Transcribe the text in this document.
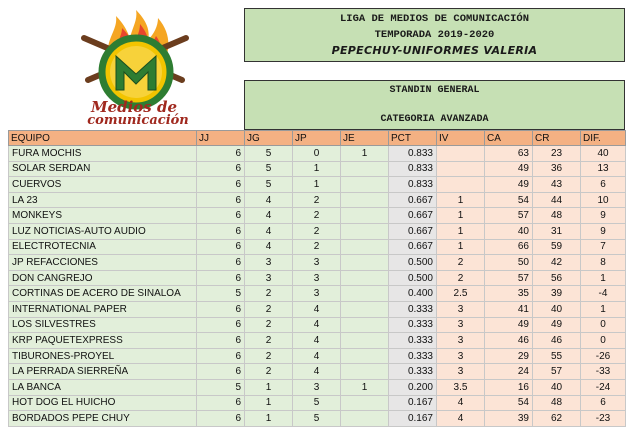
Medios de
comunicación
LIGA DE MEDIOS DE COMUNICACIÓN
TEMPORADA 2019-2020
PEPECHUY-UNIFORMES VALERIA
STANDIN GENERAL
CATEGORIA AVANZADA
EQUIPO	JJ	JG	JP	JE	PCT	IV	CA	CR	DIF.
FURA MOCHIS	6	5	0	1	0.833		63	23	40
SOLAR SERDAN	6	5	1		0.833		49	36	13
CUERVOS	6	5	1		0.833		49	43	6
LA 23	6	4	2		0.667	1	54	44	10
MONKEYS	6	4	2		0.667	1	57	48	9
LUZ NOTICIAS-AUTO AUDIO	6	4	2		0.667	1	40	31	9
ELECTROTECNIA	6	4	2		0.667	1	66	59	7
JP REFACCIONES	6	3	3		0.500	2	50	42	8
DON CANGREJO	6	3	3		0.500	2	57	56	1
CORTINAS DE ACERO DE SINALOA	5	2	3		0.400	2.5	35	39	-4
INTERNATIONAL PAPER	6	2	4		0.333	3	41	40	1
LOS SILVESTRES	6	2	4		0.333	3	49	49	0
KRP PAQUETEXPRESS	6	2	4		0.333	3	46	46	0
TIBURONES-PROYEL	6	2	4		0.333	3	29	55	-26
LA PERRADA SIERREÑA	6	2	4		0.333	3	24	57	-33
LA BANCA	5	1	3	1	0.200	3.5	16	40	-24
HOT DOG EL HUICHO	6	1	5		0.167	4	54	48	6
BORDADOS PEPE CHUY	6	1	5		0.167	4	39	62	-23
